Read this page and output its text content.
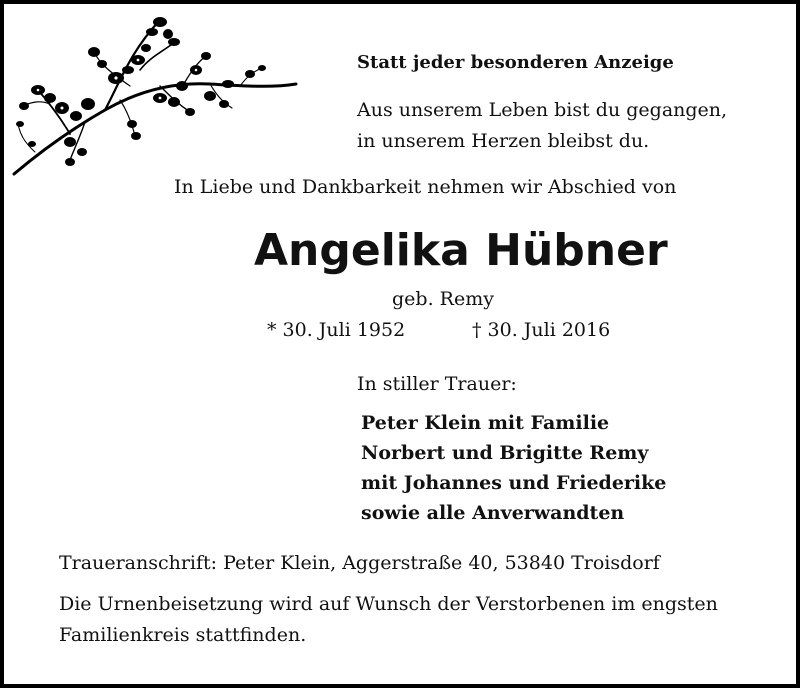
Statt jeder besonderen Anzeige

Aus unserem Leben bist du gegangen,

in unserem Herzen bleibst du.

In Liebe und Dankbarkeit nehmen wir Abschied von

Angelika Hübner

geb. Remy

* 30. Juli 1952	† 30. Juli 2016

In stiller Trauer:

Peter Klein mit Familie
Norbert und Brigitte Remy
mit Johannes und Friederike
sowie alle Anverwandten

Traueranschrift: Peter Klein, Aggerstraße 40, 53840 Troisdorf

Die Urnenbeisetzung wird auf Wunsch der Verstorbenen im engsten

Familienkreis stattfinden.
